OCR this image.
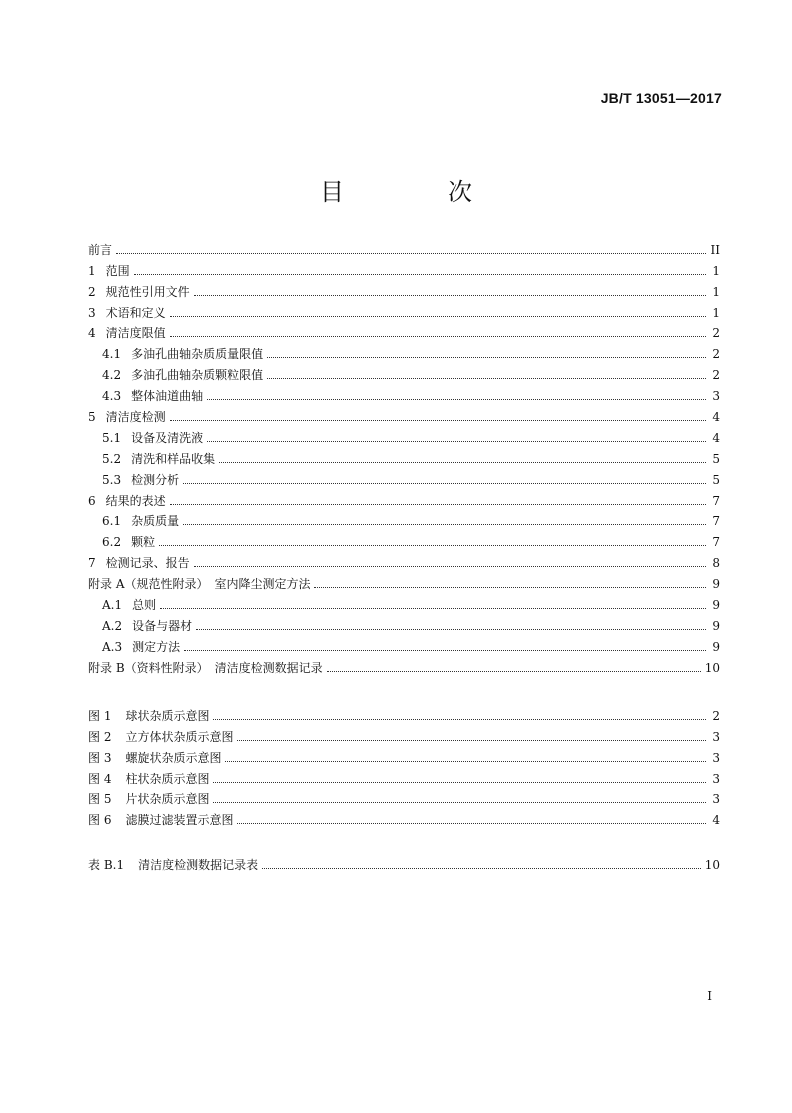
JB/T 13051—2017
目　次
前言	II
1 范围	1
2 规范性引用文件	1
3 术语和定义	1
4 清洁度限值	2
4.1 多油孔曲轴杂质质量限值	2
4.2 多油孔曲轴杂质颗粒限值	2
4.3 整体油道曲轴	3
5 清洁度检测	4
5.1 设备及清洗液	4
5.2 清洗和样品收集	5
5.3 检测分析	5
6 结果的表述	7
6.1 杂质质量	7
6.2 颗粒	7
7 检测记录、报告	8
附录 A（规范性附录）　室内降尘测定方法	9
A.1 总则	9
A.2 设备与器材	9
A.3 测定方法	9
附录 B（资料性附录）　清洁度检测数据记录	10
图 1 球状杂质示意图	2
图 2 立方体状杂质示意图	3
图 3 螺旋状杂质示意图	3
图 4 柱状杂质示意图	3
图 5 片状杂质示意图	3
图 6 滤膜过滤装置示意图	4
表 B.1 清洁度检测数据记录表	10
I
